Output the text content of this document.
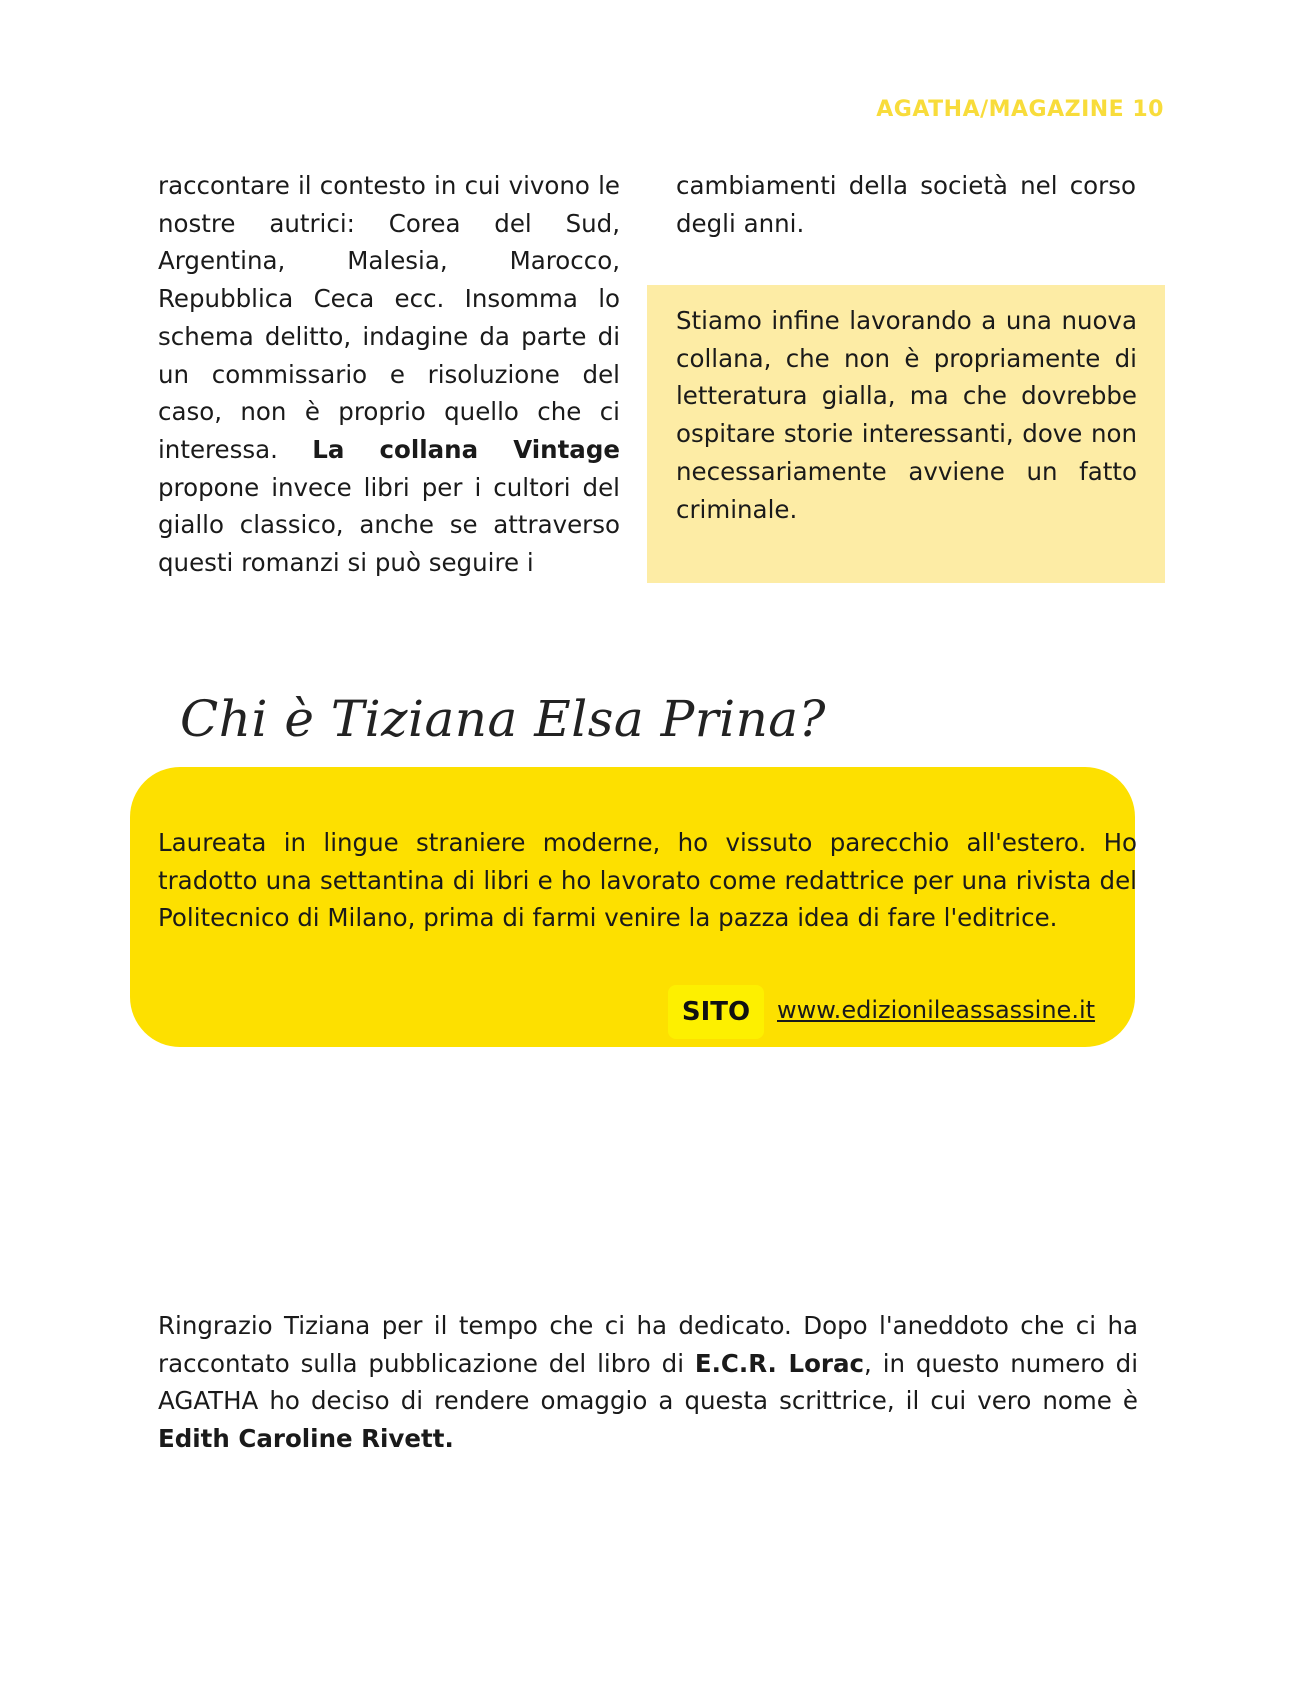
AGATHA/MAGAZINE 10
raccontare il contesto in cui vivono le nostre autrici: Corea del Sud, Argentina, Malesia, Marocco, Repubblica Ceca ecc. Insomma lo schema delitto, indagine da parte di un commissario e risoluzione del caso, non è proprio quello che ci interessa. La collana Vintage propone invece libri per i cultori del giallo classico, anche se attraverso questi romanzi si può seguire i
cambiamenti della società nel corso degli anni.
Stiamo infine lavorando a una nuova collana, che non è propriamente di letteratura gialla, ma che dovrebbe ospitare storie interessanti, dove non necessariamente avviene un fatto criminale.
Chi è Tiziana Elsa Prina?
Laureata in lingue straniere moderne, ho vissuto parecchio all'estero. Ho tradotto una settantina di libri e ho lavorato come redattrice per una rivista del Politecnico di Milano, prima di farmi venire la pazza idea di fare l'editrice.
SITO	www.edizionileassassine.it
Ringrazio Tiziana per il tempo che ci ha dedicato. Dopo l'aneddoto che ci ha raccontato sulla pubblicazione del libro di E.C.R. Lorac, in questo numero di AGATHA ho deciso di rendere omaggio a questa scrittrice, il cui vero nome è Edith Caroline Rivett.
